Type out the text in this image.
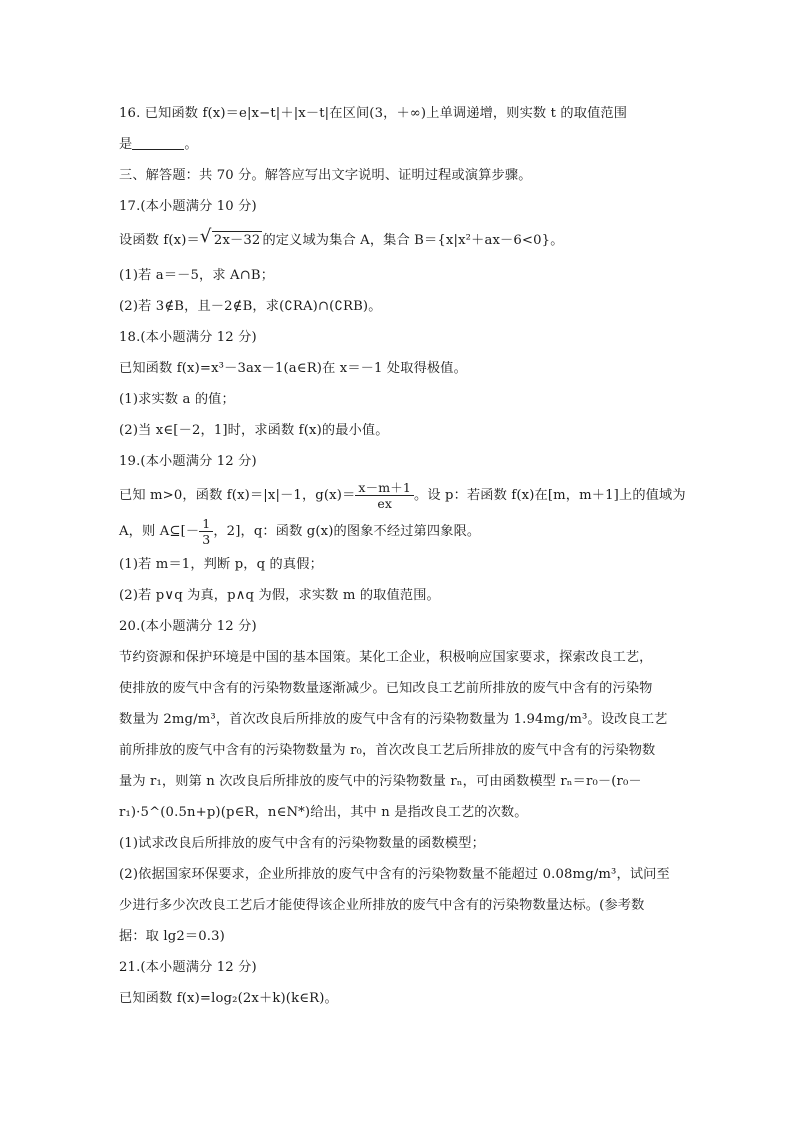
16. 已知函数 f(x)＝e|x−t|＋|x－t|在区间(3，＋∞)上单调递增，则实数 t 的取值范围
是	。
三、解答题：共 70 分。解答应写出文字说明、证明过程或演算步骤。
17.(本小题满分 10 分)
设函数 f(x)＝ √ 2x－32 的定义域为集合 A，集合 B＝{x|x²＋ax－6<0}。
(1)若 a＝－5，求 A∩B；
(2)若 3∉B，且－2∉B，求(∁RA)∩(∁RB)。
18.(本小题满分 12 分)
已知函数 f(x)=x³－3ax－1(a∈R)在 x＝－1 处取得极值。
(1)求实数 a 的值；
(2)当 x∈[－2，1]时，求函数 f(x)的最小值。
19.(本小题满分 12 分)
已知 m>0，函数 f(x)＝|x|－1，$g(x)= \frac{x-m+1}{ex}$ 。设 p：若函数 f(x)在[m，m＋1]上的值域为
A，则 A⊆[－ $\frac{1}{3}$ ，2]，q：函数 g(x)的图象不经过第四象限。
(1)若 m＝1，判断 p，q 的真假；
(2)若 p∨q 为真，p∧q 为假，求实数 m 的取值范围。
20.(本小题满分 12 分)
节约资源和保护环境是中国的基本国策。某化工企业，积极响应国家要求，探索改良工艺，
使排放的废气中含有的污染物数量逐渐减少。已知改良工艺前所排放的废气中含有的污染物
数量为 2mg/m³，首次改良后所排放的废气中含有的污染物数量为 1.94mg/m³。设改良工艺
前所排放的废气中含有的污染物数量为 r₀，首次改良工艺后所排放的废气中含有的污染物数
量为 r₁，则第 n 次改良后所排放的废气中的污染物数量 rₙ，可由函数模型 rₙ＝r₀－(r₀－
r₁)·5^(0.5n+p)(p∈R，n∈N*)给出，其中 n 是指改良工艺的次数。
(1)试求改良后所排放的废气中含有的污染物数量的函数模型；
(2)依据国家环保要求，企业所排放的废气中含有的污染物数量不能超过 0.08mg/m³，试问至
少进行多少次改良工艺后才能使得该企业所排放的废气中含有的污染物数量达标。(参考数
据：取 lg2＝0.3)
21.(本小题满分 12 分)
已知函数 f(x)=log₂(2x＋k)(k∈R)。
